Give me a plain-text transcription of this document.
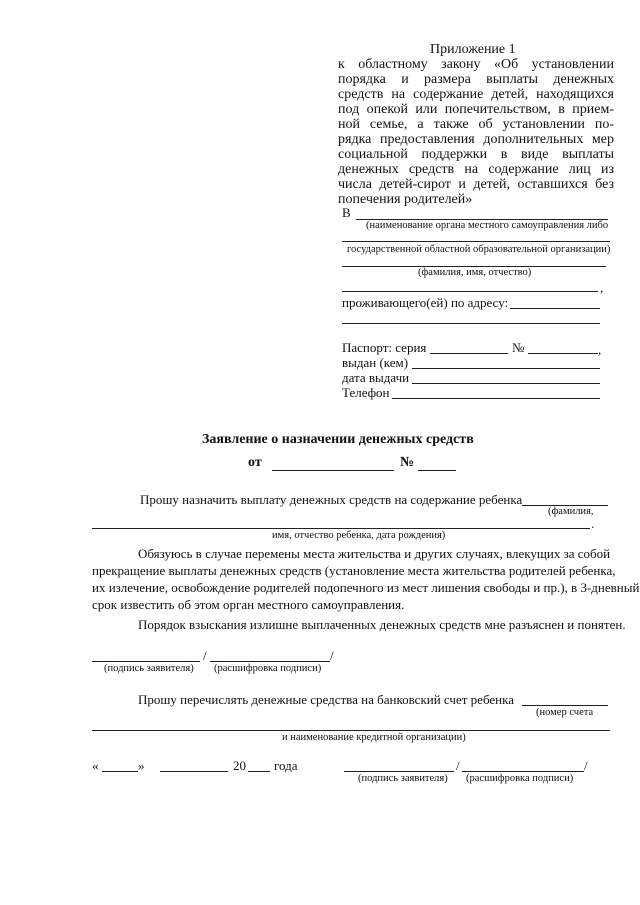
Приложение 1
к областному закону «Об установлении
порядка и размера выплаты денежных
средств на содержание детей, находящихся
под опекой или попечительством, в прием-
ной семье, а также об установлении по-
рядка предоставления дополнительных мер
социальной поддержки в виде выплаты
денежных средств на содержание лиц из
числа детей-сирот и детей, оставшихся без
попечения родителей»
В
(наименование органа местного самоуправления либо
государственной областной образовательной организации)
(фамилия, имя, отчество)
,
проживающего(ей) по адресу:
Паспорт: серия	№	,
выдан (кем)
дата выдачи
Телефон
Заявление о назначении денежных средств
от	№
Прошу назначить выплату денежных средств на содержание ребенка
(фамилия,
.
имя, отчество ребенка, дата рождения)
Обязуюсь в случае перемены места жительства и других случаях, влекущих за собой
прекращение выплаты денежных средств (установление места жительства родителей ребенка,
их излечение, освобождение родителей подопечного из мест лишения свободы и пр.), в 3-дневный
срок известить об этом орган местного самоуправления.
Порядок взыскания излишне выплаченных денежных средств мне разъяснен и понятен.
/	/
(подпись заявителя) (расшифровка подписи)
Прошу перечислять денежные средства на банковский счет ребенка
(номер счета
и наименование кредитной организации)
«	»	20 года	/	/
(подпись заявителя) (расшифровка подписи)
